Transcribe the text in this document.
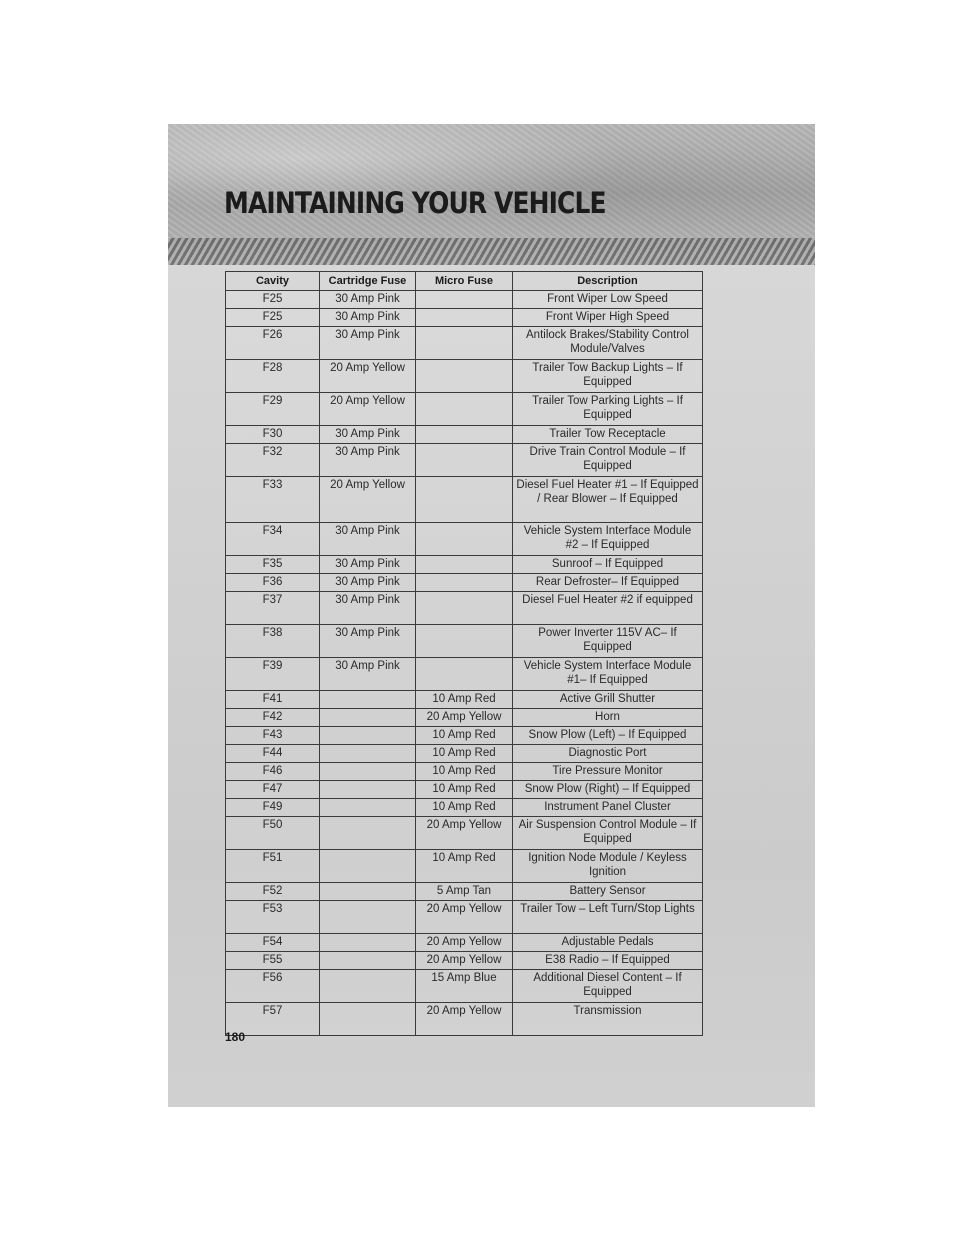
MAINTAINING YOUR VEHICLE
Cavity	Cartridge Fuse	Micro Fuse	Description
F25	30 Amp Pink		Front Wiper Low Speed
F25	30 Amp Pink		Front Wiper High Speed
F26	30 Amp Pink		Antilock Brakes/Stability Control Module/Valves
F28	20 Amp Yellow		Trailer Tow Backup Lights – If Equipped
F29	20 Amp Yellow		Trailer Tow Parking Lights – If Equipped
F30	30 Amp Pink		Trailer Tow Receptacle
F32	30 Amp Pink		Drive Train Control Module – If Equipped
F33	20 Amp Yellow		Diesel Fuel Heater #1 – If Equipped / Rear Blower – If Equipped
F34	30 Amp Pink		Vehicle System Interface Module #2 – If Equipped
F35	30 Amp Pink		Sunroof – If Equipped
F36	30 Amp Pink		Rear Defroster– If Equipped
F37	30 Amp Pink		Diesel Fuel Heater #2 if equipped
F38	30 Amp Pink		Power Inverter 115V AC– If Equipped
F39	30 Amp Pink		Vehicle System Interface Module #1– If Equipped
F41		10 Amp Red	Active Grill Shutter
F42		20 Amp Yellow	Horn
F43		10 Amp Red	Snow Plow (Left) – If Equipped
F44		10 Amp Red	Diagnostic Port
F46		10 Amp Red	Tire Pressure Monitor
F47		10 Amp Red	Snow Plow (Right) – If Equipped
F49		10 Amp Red	Instrument Panel Cluster
F50		20 Amp Yellow	Air Suspension Control Module – If Equipped
F51		10 Amp Red	Ignition Node Module / Keyless Ignition
F52		5 Amp Tan	Battery Sensor
F53		20 Amp Yellow	Trailer Tow – Left Turn/Stop Lights
F54		20 Amp Yellow	Adjustable Pedals
F55		20 Amp Yellow	E38 Radio – If Equipped
F56		15 Amp Blue	Additional Diesel Content – If Equipped
F57		20 Amp Yellow	Transmission
180
